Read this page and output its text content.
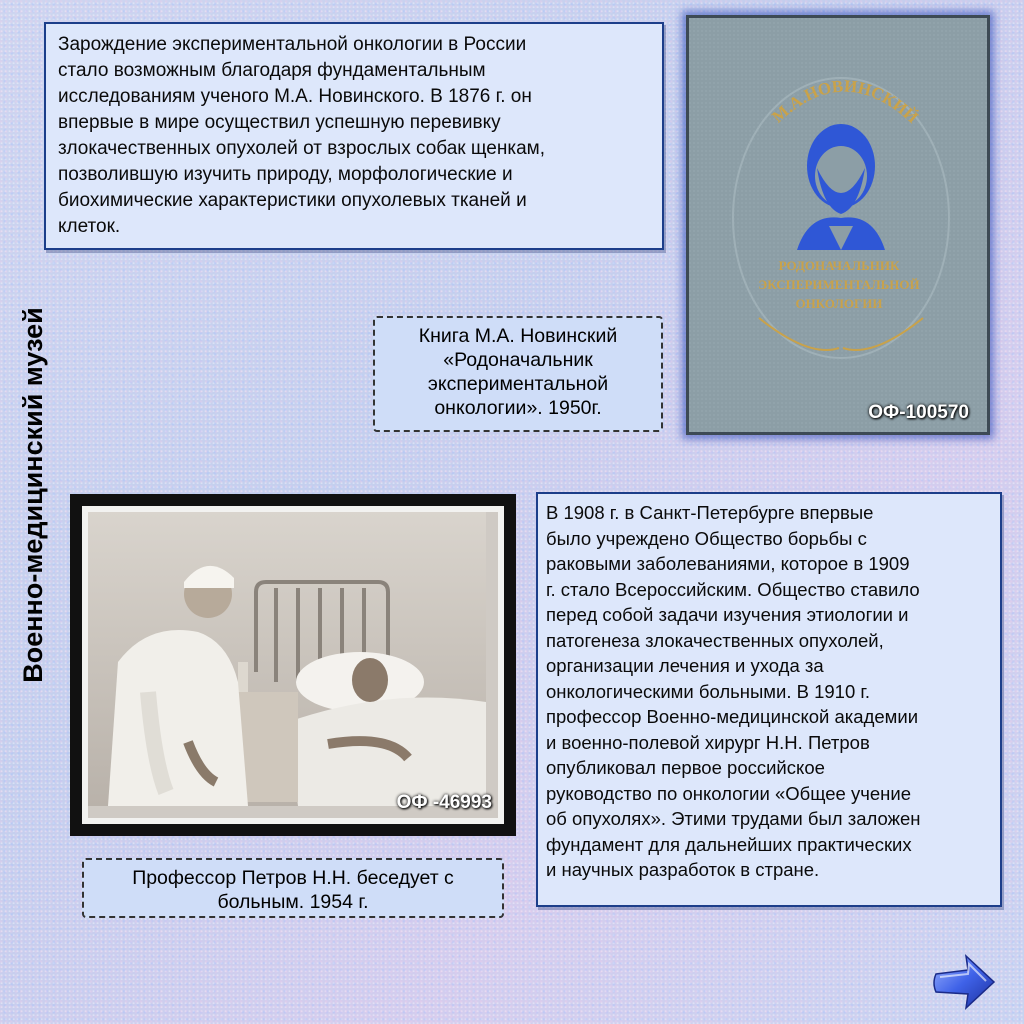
Военно-медицинский музей
Зарождение экспериментальной онкологии в России
стало возможным благодаря фундаментальным
исследованиям ученого М.А. Новинского. В 1876 г. он
впервые в мире осуществил успешную перевивку
злокачественных опухолей от взрослых собак щенкам,
позволившую изучить природу, морфологические и
биохимические характеристики опухолевых тканей и
клеток.
М.А.НОВИНСКИЙ
РОДОНАЧАЛЬНИК
ЭКСПЕРИМЕНТАЛЬНОЙ
ОНКОЛОГИИ
ОФ-100570
Книга М.А. Новинский
«Родоначальник
экспериментальной
онкологии». 1950г.
ОФ -46993
Профессор Петров Н.Н. беседует с
больным. 1954 г.
В 1908 г. в Санкт-Петербурге впервые
было учреждено Общество борьбы с
раковыми заболеваниями, которое в 1909
г. стало Всероссийским. Общество ставило
перед собой задачи изучения этиологии и
патогенеза злокачественных опухолей,
организации лечения и ухода за
онкологическими больными. В 1910 г.
профессор Военно-медицинской академии
и военно-полевой хирург Н.Н. Петров
опубликовал первое российское
руководство по онкологии «Общее учение
об опухолях». Этими трудами был заложен
фундамент для дальнейших практических
и научных разработок в стране.
